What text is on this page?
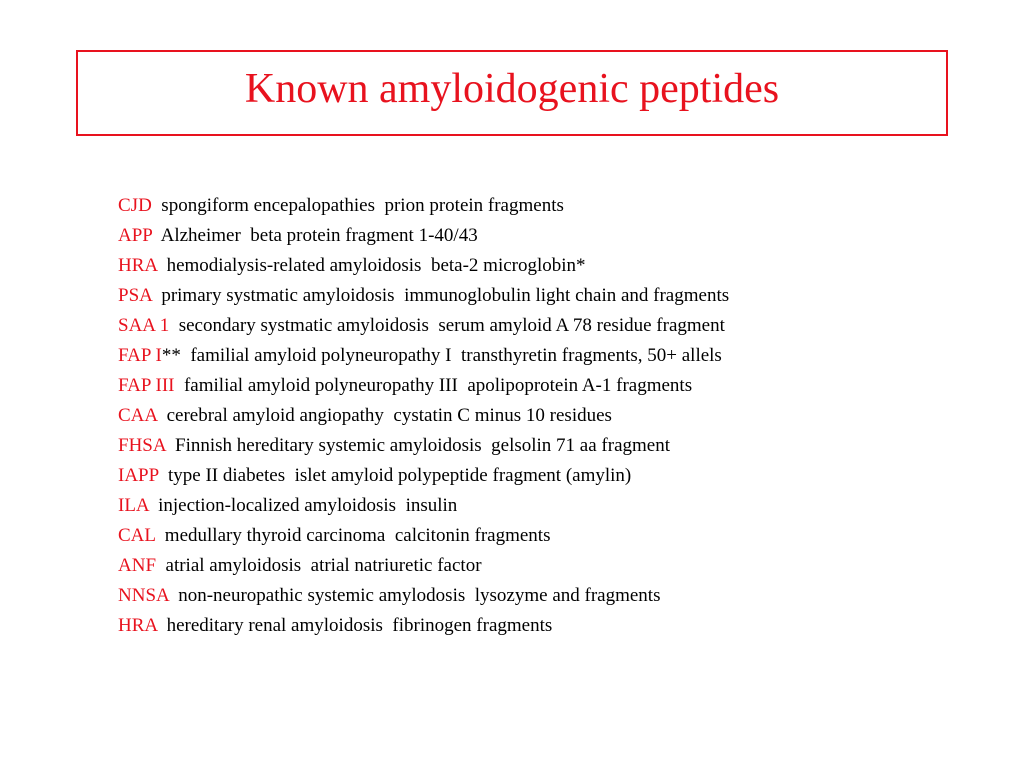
Known amyloidogenic peptides
CJD  spongiform encepalopathies  prion protein fragments
APP  Alzheimer  beta protein fragment 1-40/43
HRA  hemodialysis-related amyloidosis  beta-2 microglobin*
PSA  primary systmatic amyloidosis  immunoglobulin light chain and fragments
SAA 1  secondary systmatic amyloidosis  serum amyloid A 78 residue fragment
FAP I**  familial amyloid polyneuropathy I  transthyretin fragments, 50+ allels
FAP III  familial amyloid polyneuropathy III  apolipoprotein A-1 fragments
CAA  cerebral amyloid angiopathy  cystatin C minus 10 residues
FHSA  Finnish hereditary systemic amyloidosis  gelsolin 71 aa fragment
IAPP  type II diabetes  islet amyloid polypeptide fragment (amylin)
ILA  injection-localized amyloidosis  insulin
CAL  medullary thyroid carcinoma  calcitonin fragments
ANF  atrial amyloidosis  atrial natriuretic factor
NNSA  non-neuropathic systemic amylodosis  lysozyme and fragments
HRA  hereditary renal amyloidosis  fibrinogen fragments
